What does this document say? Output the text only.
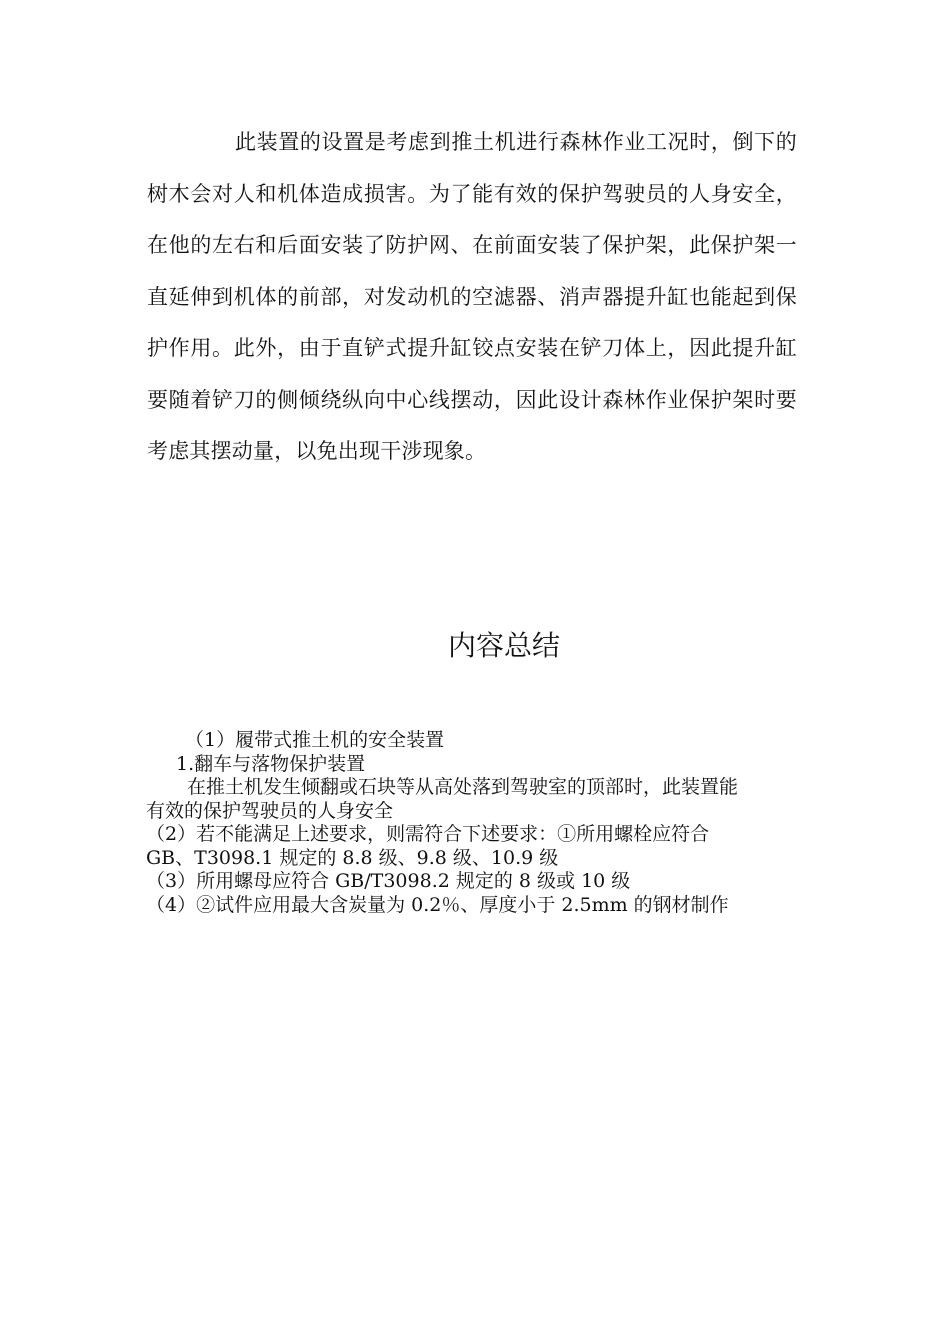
此装置的设置是考虑到推土机进行森林作业工况时，倒下的树木会对人和机体造成损害。为了能有效的保护驾驶员的人身安全，在他的左右和后面安装了防护网、在前面安装了保护架，此保护架一直延伸到机体的前部，对发动机的空滤器、消声器提升缸也能起到保护作用。此外，由于直铲式提升缸铰点安装在铲刀体上，因此提升缸要随着铲刀的侧倾绕纵向中心线摆动，因此设计森林作业保护架时要考虑其摆动量，以免出现干涉现象。

内容总结

（1）履带式推土机的安全装置

1.翻车与落物保护装置

在推土机发生倾翻或石块等从高处落到驾驶室的顶部时，此装置能

有效的保护驾驶员的人身安全

（2）若不能满足上述要求，则需符合下述要求：①所用螺栓应符合

GB、T3098.1 规定的 8.8 级、9.8 级、10.9 级

（3）所用螺母应符合 GB/T3098.2 规定的 8 级或 10 级

（4）②试件应用最大含炭量为 0.2％、厚度小于 2.5mm 的钢材制作
